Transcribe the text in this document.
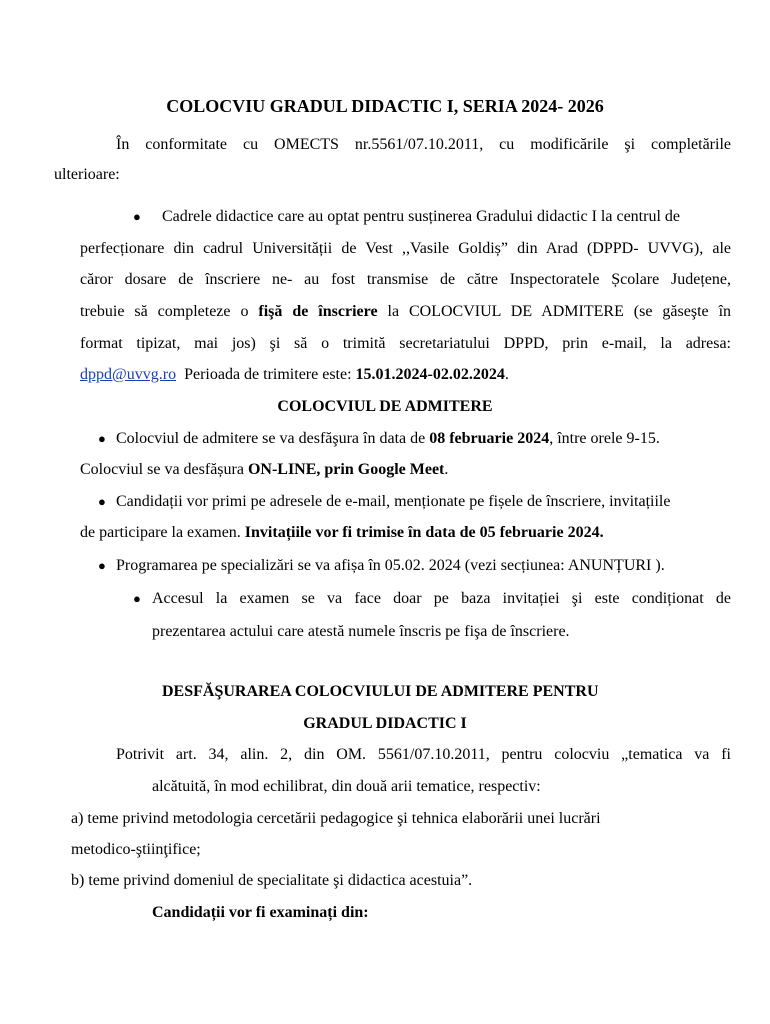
COLOCVIU GRADUL DIDACTIC I, SERIA 2024- 2026
În conformitate cu OMECTS nr.5561/07.10.2011, cu modificările şi completările
ulterioare:
● Cadrele didactice care au optat pentru susținerea Gradului didactic I la centrul de
perfecționare din cadrul Universității de Vest ,,Vasile Goldiș” din Arad (DPPD- UVVG), ale
căror dosare de înscriere ne- au fost transmise de către Inspectoratele Școlare Județene,
trebuie să completeze o fişă de înscriere la COLOCVIUL DE ADMITERE (se găseşte în
format tipizat, mai jos) şi să o trimită secretariatului DPPD, prin e-mail, la adresa:
dppd@uvvg.ro Perioada de trimitere este: 15.01.2024-02.02.2024.
COLOCVIUL DE ADMITERE
● Colocviul de admitere se va desfăşura în data de 08 februarie 2024, între orele 9-15.
Colocviul se va desfășura ON-LINE, prin Google Meet.
● Candidații vor primi pe adresele de e-mail, menționate pe fișele de înscriere, invitațiile
de participare la examen. Invitațiile vor fi trimise în data de 05 februarie 2024.
● Programarea pe specializări se va afișa în 05.02. 2024 (vezi secțiunea: ANUNȚURI ).
● Accesul la examen se va face doar pe baza invitației şi este condiționat de
prezentarea actului care atestă numele înscris pe fişa de înscriere.
DESFĂŞURAREA COLOCVIULUI DE ADMITERE PENTRU
GRADUL DIDACTIC I
Potrivit art. 34, alin. 2, din OM. 5561/07.10.2011, pentru colocviu „tematica va fi
alcătuită, în mod echilibrat, din două arii tematice, respectiv:
a) teme privind metodologia cercetării pedagogice şi tehnica elaborării unei lucrări
metodico-ştiinţifice;
b) teme privind domeniul de specialitate şi didactica acestuia”.
Candidații vor fi examinați din:
